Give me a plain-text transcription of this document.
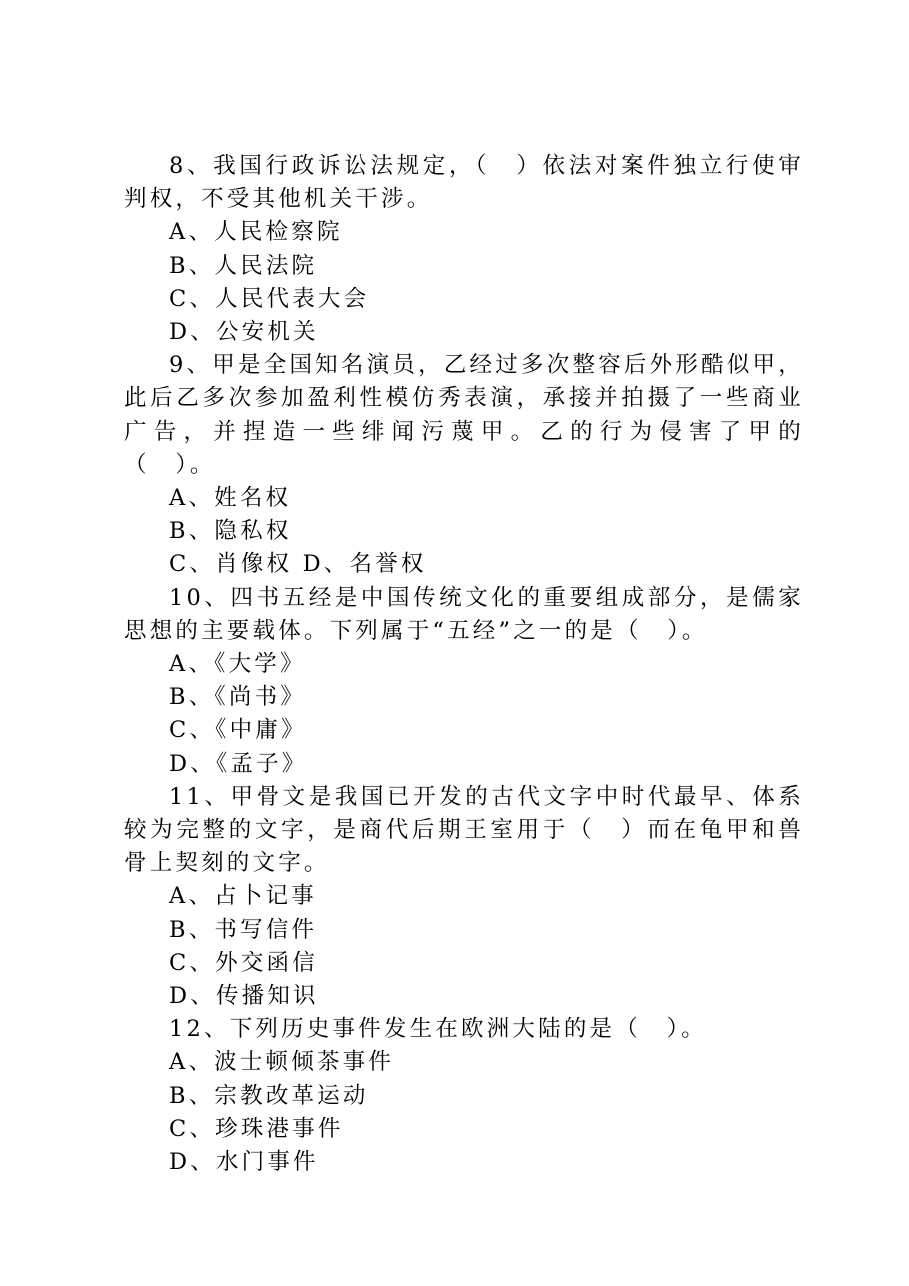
8、我国行政诉讼法规定，（　）依法对案件独立行使审判权，不受其他机关干涉。

A、人民检察院

B、人民法院

C、人民代表大会

D、公安机关

9、甲是全国知名演员，乙经过多次整容后外形酷似甲，此后乙多次参加盈利性模仿秀表演，承接并拍摄了一些商业广告，并捏造一些绯闻污蔑甲。乙的行为侵害了甲的（　）。

A、姓名权

B、隐私权

C、肖像权 D、名誉权

10、四书五经是中国传统文化的重要组成部分，是儒家思想的主要载体。下列属于“五经”之一的是（　）。

A、《大学》

B、《尚书》

C、《中庸》

D、《孟子》

11、甲骨文是我国已开发的古代文字中时代最早、体系较为完整的文字，是商代后期王室用于（　）而在龟甲和兽骨上契刻的文字。

A、占卜记事

B、书写信件

C、外交函信

D、传播知识

12、下列历史事件发生在欧洲大陆的是（　）。

A、波士顿倾茶事件

B、宗教改革运动

C、珍珠港事件

D、水门事件
